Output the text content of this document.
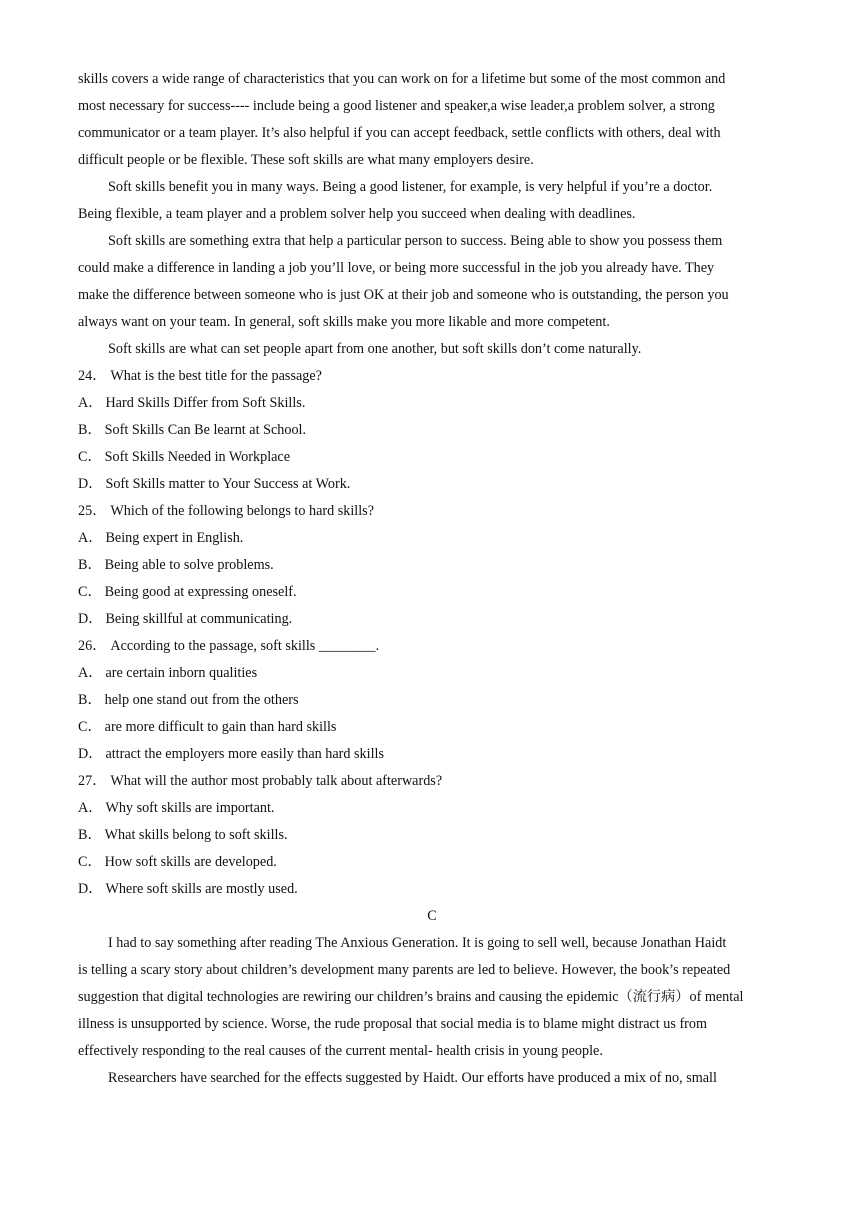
skills covers a wide range of characteristics that you can work on for a lifetime but some of the most common and
most necessary for success---- include being a good listener and speaker,a wise leader,a problem solver, a strong
communicator or a team player. It’s also helpful if you can accept feedback, settle conflicts with others, deal with
difficult people or be flexible. These soft skills are what many employers desire.
Soft skills benefit you in many ways. Being a good listener, for example, is very helpful if you’re a doctor.
Being flexible, a team player and a problem solver help you succeed when dealing with deadlines.
Soft skills are something extra that help a particular person to success. Being able to show you possess them
could make a difference in landing a job you’ll love, or being more successful in the job you already have. They
make the difference between someone who is just OK at their job and someone who is outstanding, the person you
always want on your team. In general, soft skills make you more likable and more competent.
Soft skills are what can set people apart from one another, but soft skills don’t come naturally.
24． What is the best title for the passage?
A． Hard Skills Differ from Soft Skills.
B． Soft Skills Can Be learnt at School.
C． Soft Skills Needed in Workplace
D． Soft Skills matter to Your Success at Work.
25． Which of the following belongs to hard skills?
A． Being expert in English.
B． Being able to solve problems.
C． Being good at expressing oneself.
D． Being skillful at communicating.
26． According to the passage, soft skills ________.
A． are certain inborn qualities
B． help one stand out from the others
C． are more difficult to gain than hard skills
D． attract the employers more easily than hard skills
27． What will the author most probably talk about afterwards?
A． Why soft skills are important.
B． What skills belong to soft skills.
C． How soft skills are developed.
D． Where soft skills are mostly used.
C
I had to say something after reading The Anxious Generation. It is going to sell well, because Jonathan Haidt
is telling a scary story about children’s development many parents are led to believe. However, the book’s repeated
suggestion that digital technologies are rewiring our children’s brains and causing the epidemic（流行病）of mental
illness is unsupported by science. Worse, the rude proposal that social media is to blame might distract us from
effectively responding to the real causes of the current mental- health crisis in young people.
Researchers have searched for the effects suggested by Haidt. Our efforts have produced a mix of no, small
